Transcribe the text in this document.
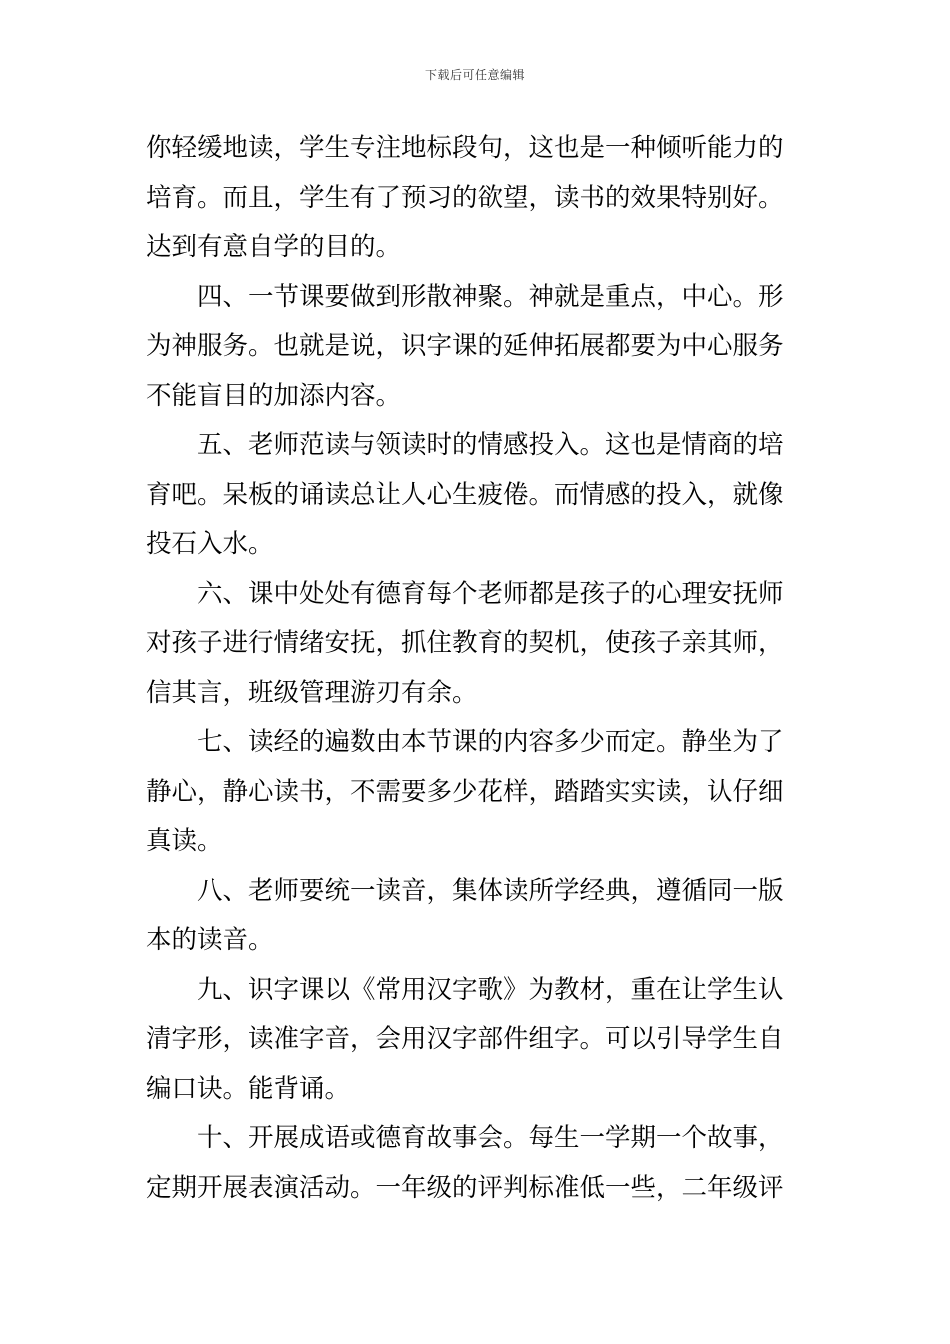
下载后可任意编辑

你轻缓地读，学生专注地标段句，这也是一种倾听能力的

培育。而且，学生有了预习的欲望，读书的效果特别好。

达到有意自学的目的。

　　四、一节课要做到形散神聚。神就是重点，中心。形

为神服务。也就是说，识字课的延伸拓展都要为中心服务

不能盲目的加添内容。

　　五、老师范读与领读时的情感投入。这也是情商的培

育吧。呆板的诵读总让人心生疲倦。而情感的投入，就像

投石入水。

　　六、课中处处有德育每个老师都是孩子的心理安抚师

对孩子进行情绪安抚，抓住教育的契机，使孩子亲其师，

信其言，班级管理游刃有余。

　　七、读经的遍数由本节课的内容多少而定。静坐为了

静心，静心读书，不需要多少花样，踏踏实实读，认仔细

真读。

　　八、老师要统一读音，集体读所学经典，遵循同一版

本的读音。

　　九、识字课以《常用汉字歌》为教材，重在让学生认

清字形，读准字音，会用汉字部件组字。可以引导学生自

编口诀。能背诵。

　　十、开展成语或德育故事会。每生一学期一个故事，

定期开展表演活动。一年级的评判标准低一些，二年级评
